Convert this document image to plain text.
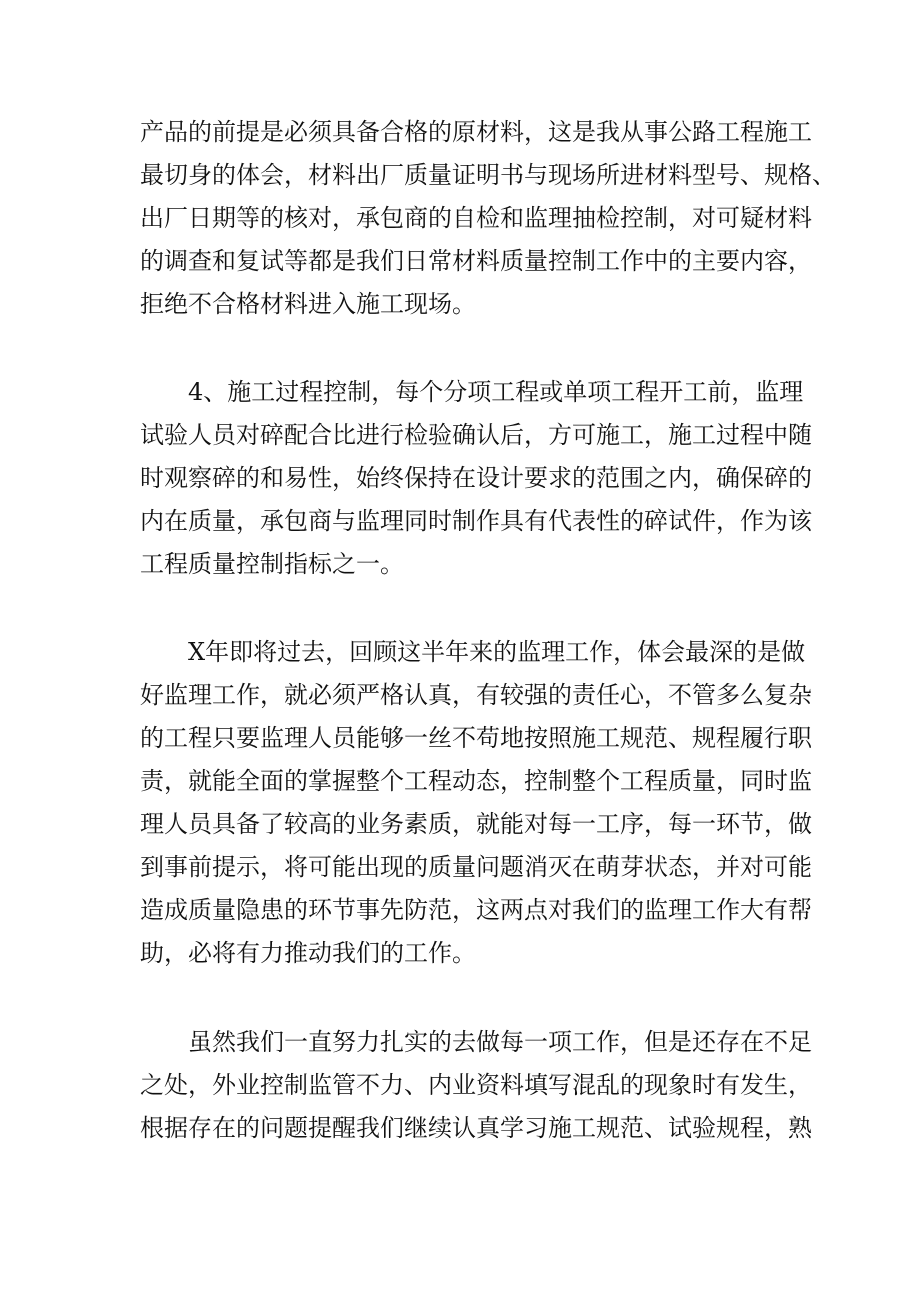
产品的前提是必须具备合格的原材料，这是我从事公路工程施工
最切身的体会，材料出厂质量证明书与现场所进材料型号、规格、
出厂日期等的核对，承包商的自检和监理抽检控制，对可疑材料
的调查和复试等都是我们日常材料质量控制工作中的主要内容，
拒绝不合格材料进入施工现场。
4、施工过程控制，每个分项工程或单项工程开工前，监理
试验人员对碎配合比进行检验确认后，方可施工，施工过程中随
时观察碎的和易性，始终保持在设计要求的范围之内，确保碎的
内在质量，承包商与监理同时制作具有代表性的碎试件，作为该
工程质量控制指标之一。
X年即将过去，回顾这半年来的监理工作，体会最深的是做
好监理工作，就必须严格认真，有较强的责任心，不管多么复杂
的工程只要监理人员能够一丝不苟地按照施工规范、规程履行职
责，就能全面的掌握整个工程动态，控制整个工程质量，同时监
理人员具备了较高的业务素质，就能对每一工序，每一环节，做
到事前提示，将可能出现的质量问题消灭在萌芽状态，并对可能
造成质量隐患的环节事先防范，这两点对我们的监理工作大有帮
助，必将有力推动我们的工作。
虽然我们一直努力扎实的去做每一项工作，但是还存在不足
之处，外业控制监管不力、内业资料填写混乱的现象时有发生，
根据存在的问题提醒我们继续认真学习施工规范、试验规程，熟
